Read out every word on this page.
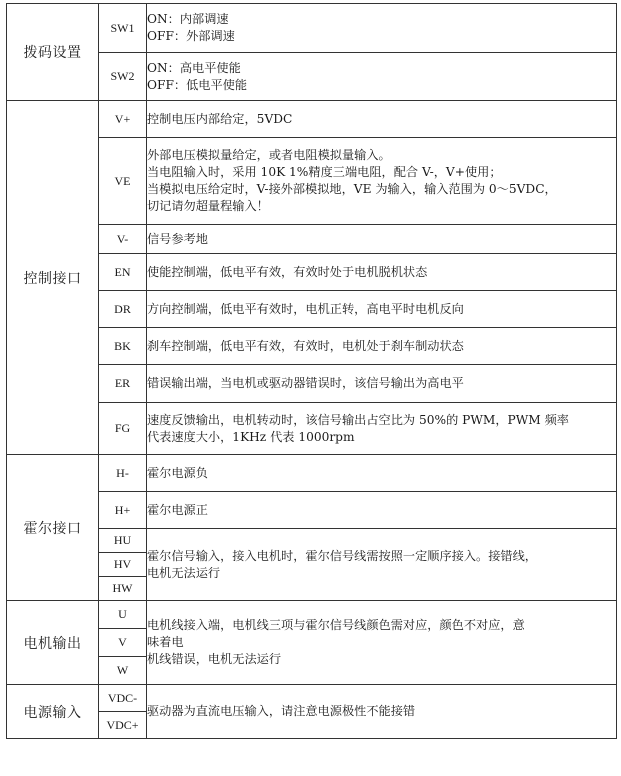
拨码设置	SW1	ON：内部调速
OFF：外部调速

	SW2	ON：高电平使能
OFF：低电平使能

控制接口	V+	控制电压内部给定，5VDC

	VE	外部电压模拟量给定，或者电阻模拟量输入。
当电阻输入时，采用 10K 1%精度三端电阻，配合 V-，V+使用；
当模拟电压给定时，V-接外部模拟地，VE 为输入，输入范围为 0～5VDC，
切记请勿超量程输入！

	V-	信号参考地

	EN	使能控制端，低电平有效，有效时处于电机脱机状态

	DR	方向控制端，低电平有效时，电机正转，高电平时电机反向

	BK	刹车控制端，低电平有效，有效时，电机处于刹车制动状态

	ER	错误输出端，当电机或驱动器错误时，该信号输出为高电平

	FG	速度反馈输出，电机转动时，该信号输出占空比为 50%的 PWM，PWM 频率
代表速度大小，1KHz 代表 1000rpm

霍尔接口	H-	霍尔电源负

	H+	霍尔电源正

	HU	霍尔信号输入，接入电机时，霍尔信号线需按照一定顺序接入。接错线，
电机无法运行

	HV	
	HW	
电机输出	U	电机线接入端，电机线三项与霍尔信号线颜色需对应，颜色不对应，意
味着电
机线错误，电机无法运行

	V	
	W	
电源输入	VDC-	驱动器为直流电压输入，请注意电源极性不能接错

	VDC+	
